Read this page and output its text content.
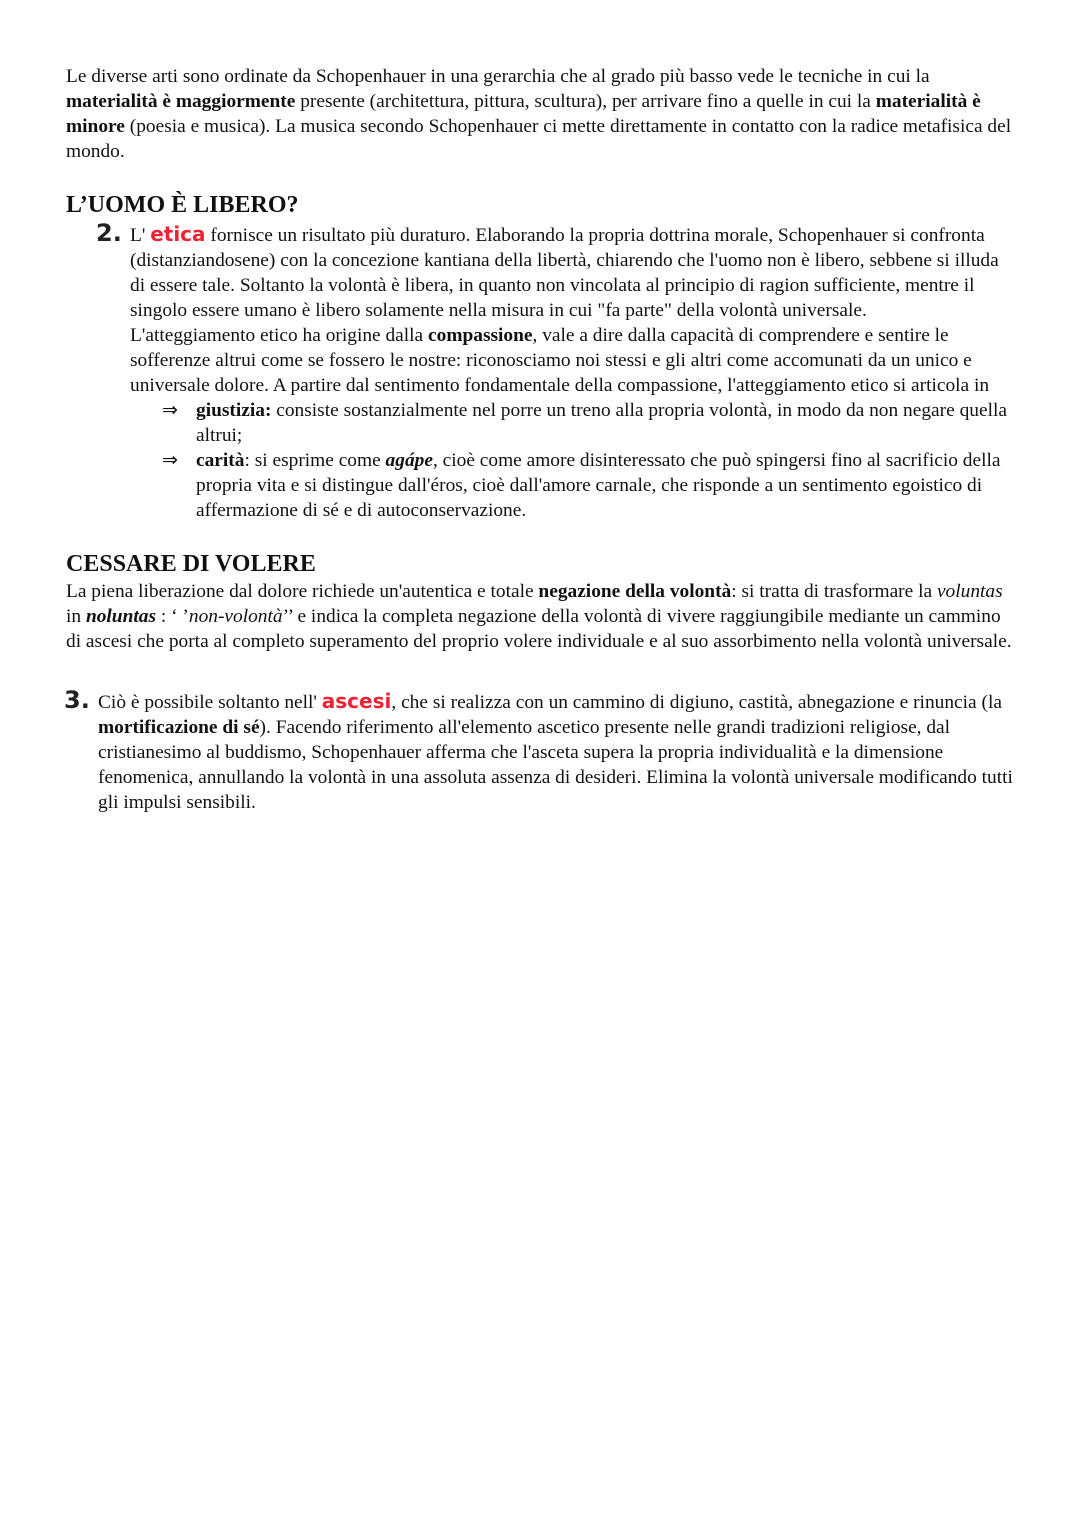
Le diverse arti sono ordinate da Schopenhauer in una gerarchia che al grado più basso vede le tecniche in cui la materialità è maggiormente presente (architettura, pittura, scultura), per arrivare fino a quelle in cui la materialità è minore (poesia e musica). La musica secondo Schopenhauer ci mette direttamente in contatto con la radice metafisica del mondo.

L’UOMO È LIBERO?
2. L' etica fornisce un risultato più duraturo. Elaborando la propria dottrina morale, Schopenhauer si confronta (distanziandosene) con la concezione kantiana della libertà, chiarendo che l'uomo non è libero, sebbene si illuda di essere tale. Soltanto la volontà è libera, in quanto non vincolata al principio di ragion sufficiente, mentre il singolo essere umano è libero solamente nella misura in cui "fa parte" della volontà universale.

L'atteggiamento etico ha origine dalla compassione, vale a dire dalla capacità di comprendere e sentire le sofferenze altrui come se fossero le nostre: riconosciamo noi stessi e gli altri come accomunati da un unico e universale dolore. A partire dal sentimento fondamentale della compassione, l'atteggiamento etico si articola in

⇒ giustizia: consiste sostanzialmente nel porre un treno alla propria volontà, in modo da non negare quella altrui;
⇒ carità: si esprime come agápe, cioè come amore disinteressato che può spingersi fino al sacrificio della propria vita e si distingue dall'éros, cioè dall'amore carnale, che risponde a un sentimento egoistico di affermazione di sé e di autoconservazione.
CESSARE DI VOLERE

La piena liberazione dal dolore richiede un'autentica e totale negazione della volontà: si tratta di trasformare la voluntas in noluntas : ‘ ’non-volontà’’ e indica la completa negazione della volontà di vivere raggiungibile mediante un cammino di ascesi che porta al completo superamento del proprio volere individuale e al suo assorbimento nella volontà universale.

3. Ciò è possibile soltanto nell' ascesi, che si realizza con un cammino di digiuno, castità, abnegazione e rinuncia (la mortificazione di sé). Facendo riferimento all'elemento ascetico presente nelle grandi tradizioni religiose, dal cristianesimo al buddismo, Schopenhauer afferma che l'asceta supera la propria individualità e la dimensione fenomenica, annullando la volontà in una assoluta assenza di desideri. Elimina la volontà universale modificando tutti gli impulsi sensibili.
